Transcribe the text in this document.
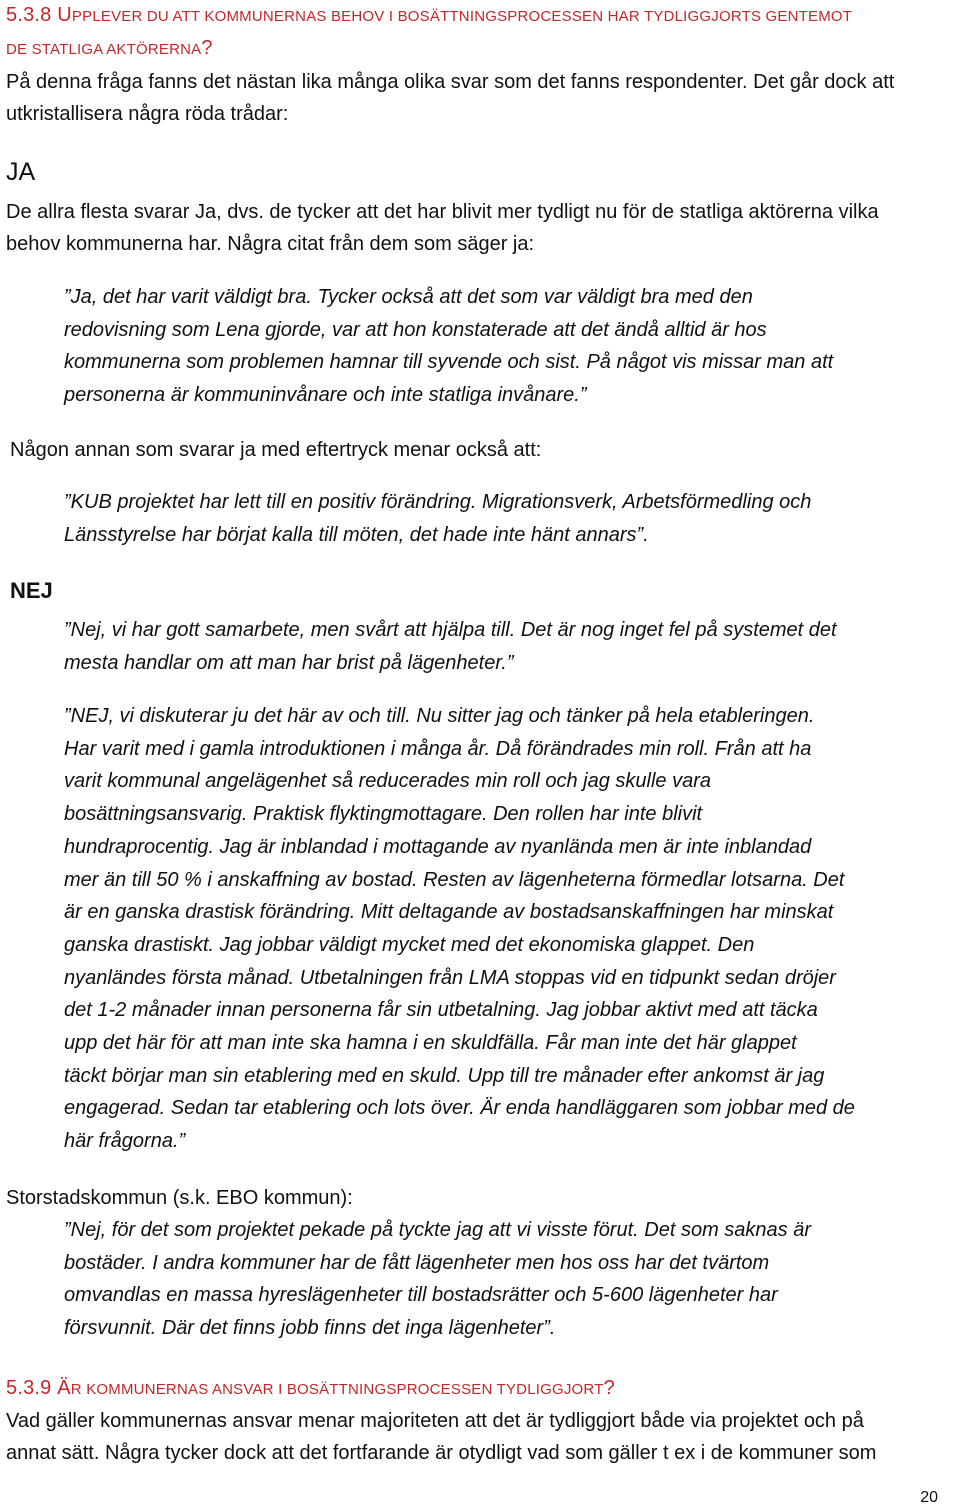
5.3.8 UPPLEVER DU ATT KOMMUNERNAS BEHOV I BOSÄTTNINGSPROCESSEN HAR TYDLIGGJORTS GENTEMOT
DE STATLIGA AKTÖRERNA?
På denna fråga fanns det nästan lika många olika svar som det fanns respondenter. Det går dock att
utkristallisera några röda trådar:
JA
De allra flesta svarar Ja, dvs. de tycker att det har blivit mer tydligt nu för de statliga aktörerna vilka
behov kommunerna har. Några citat från dem som säger ja:
”Ja, det har varit väldigt bra. Tycker också att det som var väldigt bra med den
redovisning som Lena gjorde, var att hon konstaterade att det ändå alltid är hos
kommunerna som problemen hamnar till syvende och sist. På något vis missar man att
personerna är kommuninvånare och inte statliga invånare.”
Någon annan som svarar ja med eftertryck menar också att:
”KUB projektet har lett till en positiv förändring. Migrationsverk, Arbetsförmedling och
Länsstyrelse har börjat kalla till möten, det hade inte hänt annars”.
NEJ
”Nej, vi har gott samarbete, men svårt att hjälpa till. Det är nog inget fel på systemet det
mesta handlar om att man har brist på lägenheter.”
”NEJ, vi diskuterar ju det här av och till. Nu sitter jag och tänker på hela etableringen.
Har varit med i gamla introduktionen i många år. Då förändrades min roll. Från att ha
varit kommunal angelägenhet så reducerades min roll och jag skulle vara
bosättningsansvarig. Praktisk flyktingmottagare. Den rollen har inte blivit
hundraprocentig. Jag är inblandad i mottagande av nyanlända men är inte inblandad
mer än till 50 % i anskaffning av bostad. Resten av lägenheterna förmedlar lotsarna. Det
är en ganska drastisk förändring. Mitt deltagande av bostadsanskaffningen har minskat
ganska drastiskt. Jag jobbar väldigt mycket med det ekonomiska glappet. Den
nyanländes första månad. Utbetalningen från LMA stoppas vid en tidpunkt sedan dröjer
det 1-2 månader innan personerna får sin utbetalning. Jag jobbar aktivt med att täcka
upp det här för att man inte ska hamna i en skuldfälla. Får man inte det här glappet
täckt börjar man sin etablering med en skuld. Upp till tre månader efter ankomst är jag
engagerad. Sedan tar etablering och lots över. Är enda handläggaren som jobbar med de
här frågorna.”
Storstadskommun (s.k. EBO kommun):
”Nej, för det som projektet pekade på tyckte jag att vi visste förut. Det som saknas är
bostäder. I andra kommuner har de fått lägenheter men hos oss har det tvärtom
omvandlas en massa hyreslägenheter till bostadsrätter och 5-600 lägenheter har
försvunnit. Där det finns jobb finns det inga lägenheter”.
5.3.9 ÄR KOMMUNERNAS ANSVAR I BOSÄTTNINGSPROCESSEN TYDLIGGJORT?
Vad gäller kommunernas ansvar menar majoriteten att det är tydliggjort både via projektet och på
annat sätt. Några tycker dock att det fortfarande är otydligt vad som gäller t ex i de kommuner som
20
